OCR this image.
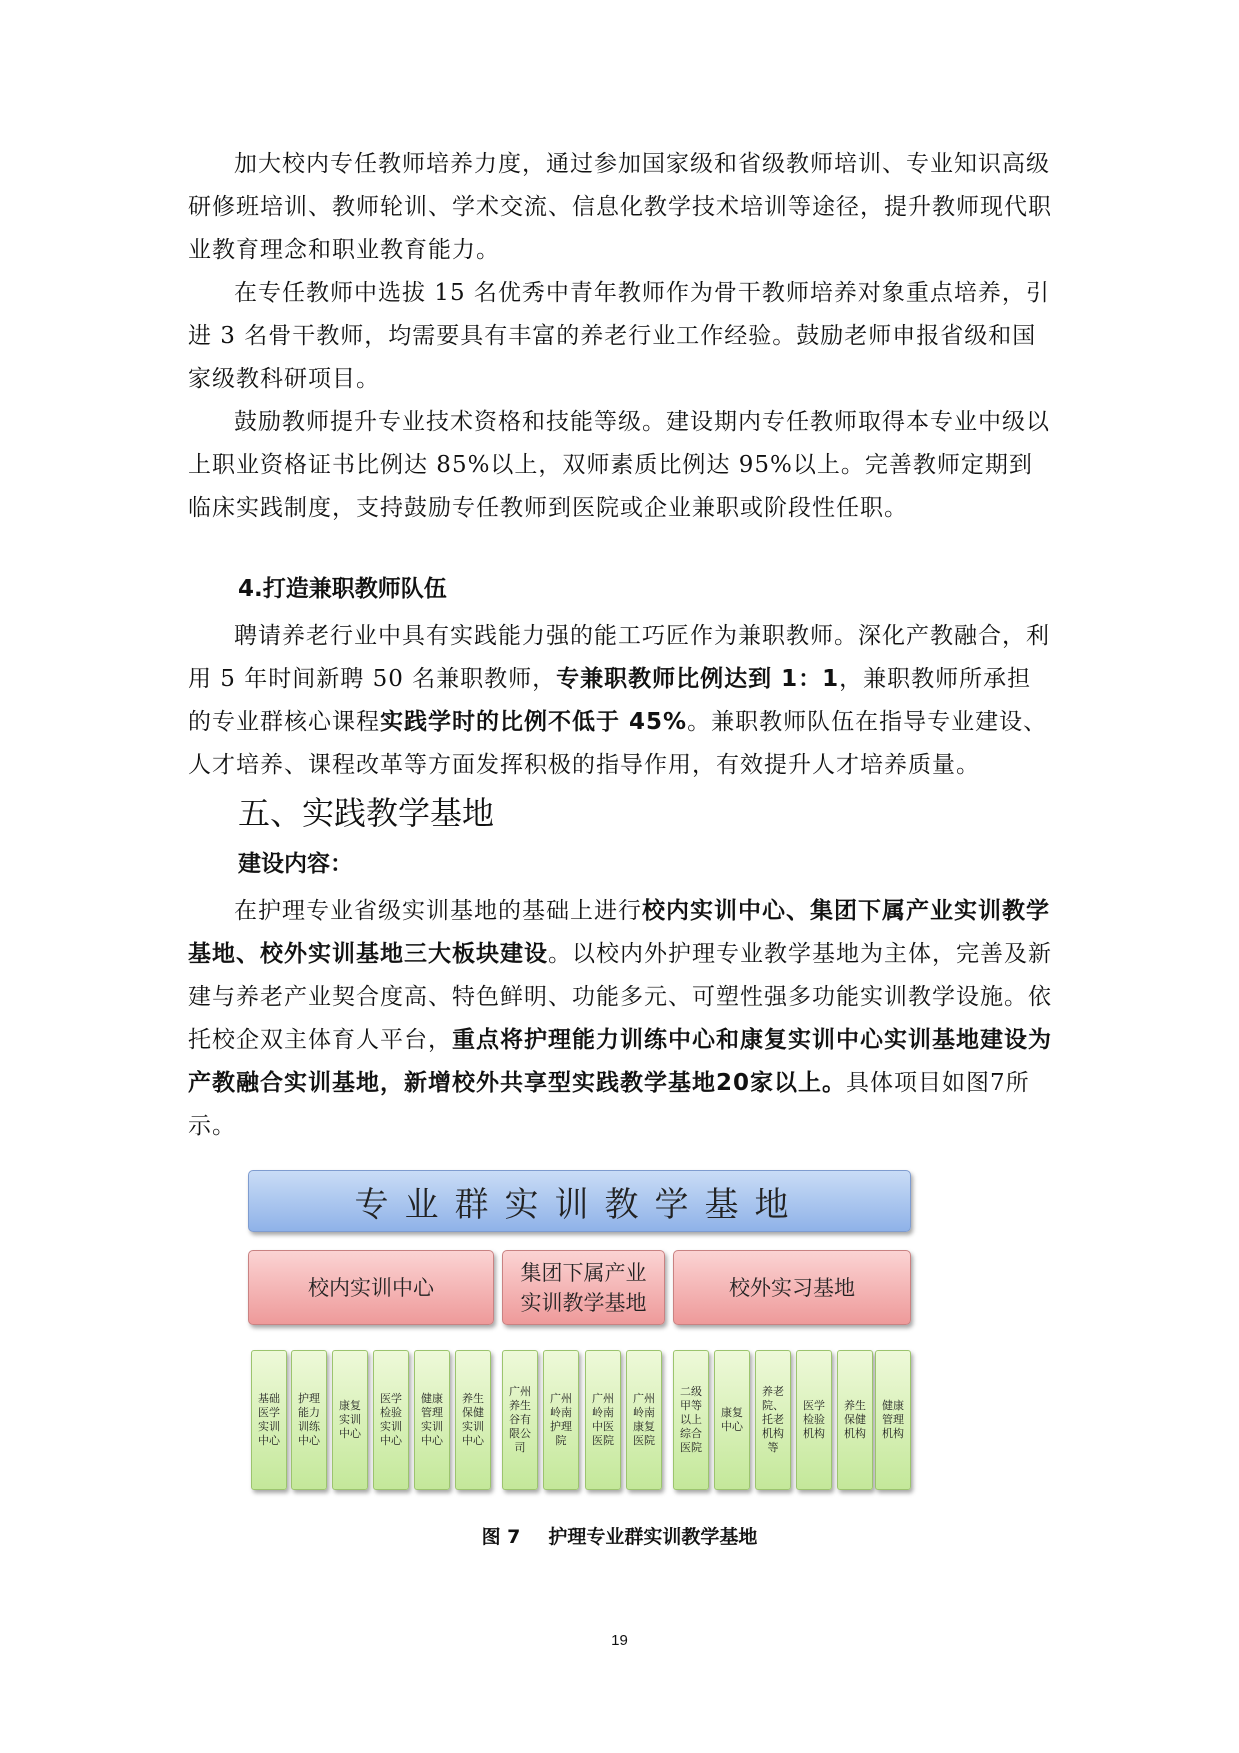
加大校内专任教师培养力度，通过参加国家级和省级教师培训、专业知识高级研修班培训、教师轮训、学术交流、信息化教学技术培训等途径，提升教师现代职业教育理念和职业教育能力。

在专任教师中选拔 15 名优秀中青年教师作为骨干教师培养对象重点培养，引进 3 名骨干教师，均需要具有丰富的养老行业工作经验。鼓励老师申报省级和国家级教科研项目。

鼓励教师提升专业技术资格和技能等级。建设期内专任教师取得本专业中级以上职业资格证书比例达 85%以上，双师素质比例达 95%以上。完善教师定期到临床实践制度，支持鼓励专任教师到医院或企业兼职或阶段性任职。

4.打造兼职教师队伍

聘请养老行业中具有实践能力强的能工巧匠作为兼职教师。深化产教融合，利用 5 年时间新聘 50 名兼职教师，专兼职教师比例达到 1：1，兼职教师所承担的专业群核心课程实践学时的比例不低于 45%。兼职教师队伍在指导专业建设、人才培养、课程改革等方面发挥积极的指导作用，有效提升人才培养质量。

五、实践教学基地
建设内容：

在护理专业省级实训基地的基础上进行校内实训中心、集团下属产业实训教学基地、校外实训基地三大板块建设。以校内外护理专业教学基地为主体，完善及新建与养老产业契合度高、特色鲜明、功能多元、可塑性强多功能实训教学设施。依托校企双主体育人平台，重点将护理能力训练中心和康复实训中心实训基地建设为产教融合实训基地，新增校外共享型实践教学基地20家以上。具体项目如图7所示。

专业群实训教学基地
校内实训中心
集团下属产业实训教学基地
校外实习基地
基础医学实训中心
护理能力训练中心
康复实训中心
医学检验实训中心
健康管理实训中心
养生保健实训中心
广州养生谷有限公司
广州岭南护理院
广州岭南中医医院
广州岭南康复医院
二级甲等以上综合医院
康复中心
养老院、托老机构等
医学检验机构
养生保健机构
健康管理机构
图 7 护理专业群实训教学基地
19
